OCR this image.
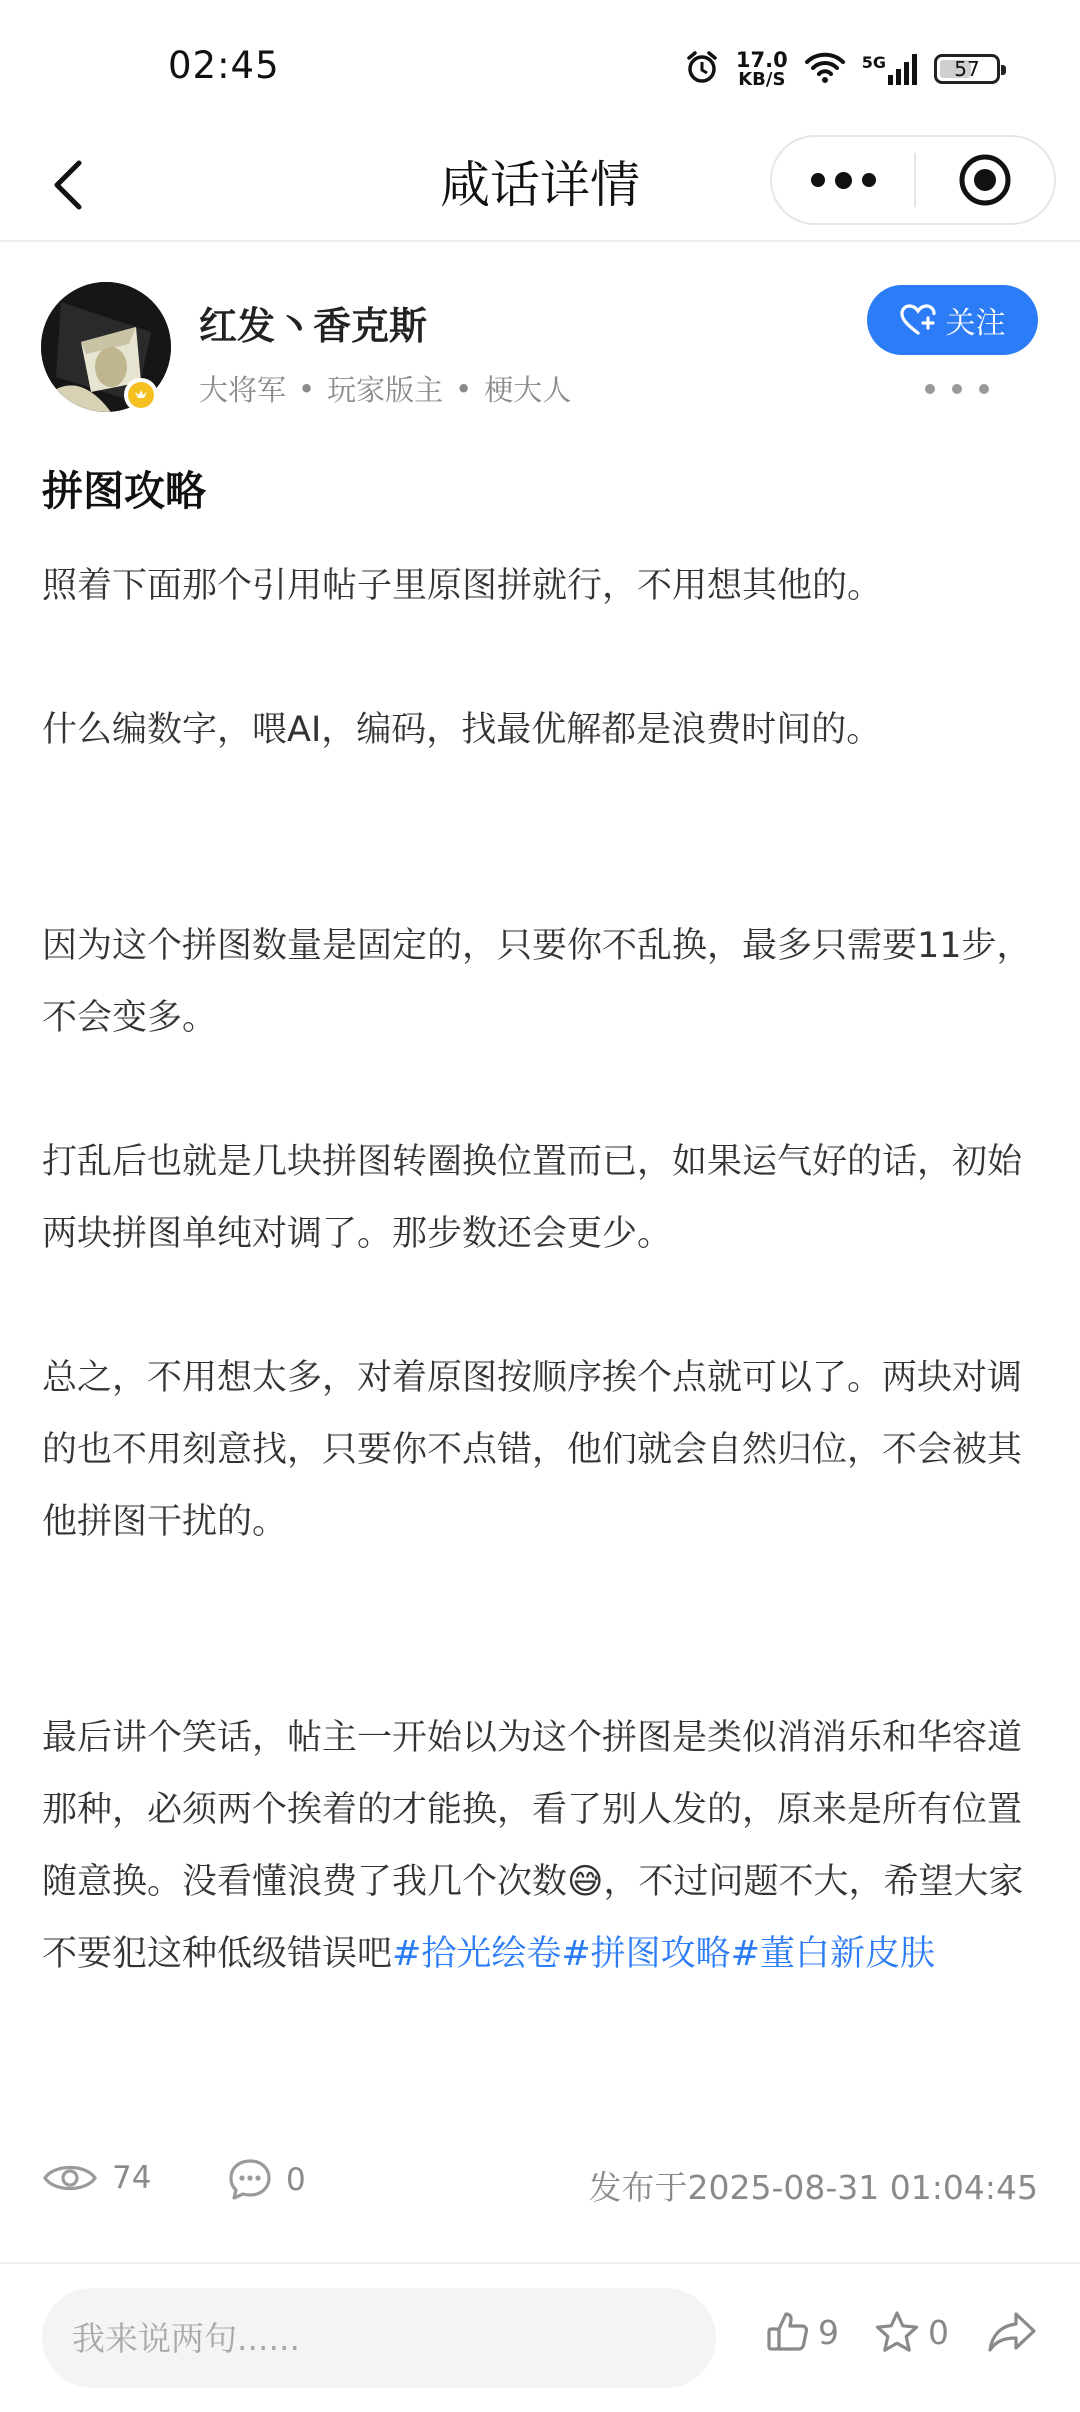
02:45	17.0
KB/S
5G	57
咸话详情
红发丶香克斯
大将军 • 玩家版主 • 梗大人
关注
拼图攻略

照着下面那个引用帖子里原图拼就行，不用想其他的。

什么编数字，喂AI，编码，找最优解都是浪费时间的。

因为这个拼图数量是固定的，只要你不乱换，最多只需要11步，不会变多。

打乱后也就是几块拼图转圈换位置而已，如果运气好的话，初始两块拼图单纯对调了。那步数还会更少。

总之，不用想太多，对着原图按顺序挨个点就可以了。两块对调的也不用刻意找，只要你不点错，他们就会自然归位，不会被其他拼图干扰的。

最后讲个笑话，帖主一开始以为这个拼图是类似消消乐和华容道那种，必须两个挨着的才能换，看了别人发的，原来是所有位置随意换。没看懂浪费了我几个次数😅，不过问题不大，希望大家不要犯这种低级错误吧#拾光绘卷#拼图攻略#董白新皮肤

74	0	发布于2025-08-31 01:04:45
我来说两句......
9	0
